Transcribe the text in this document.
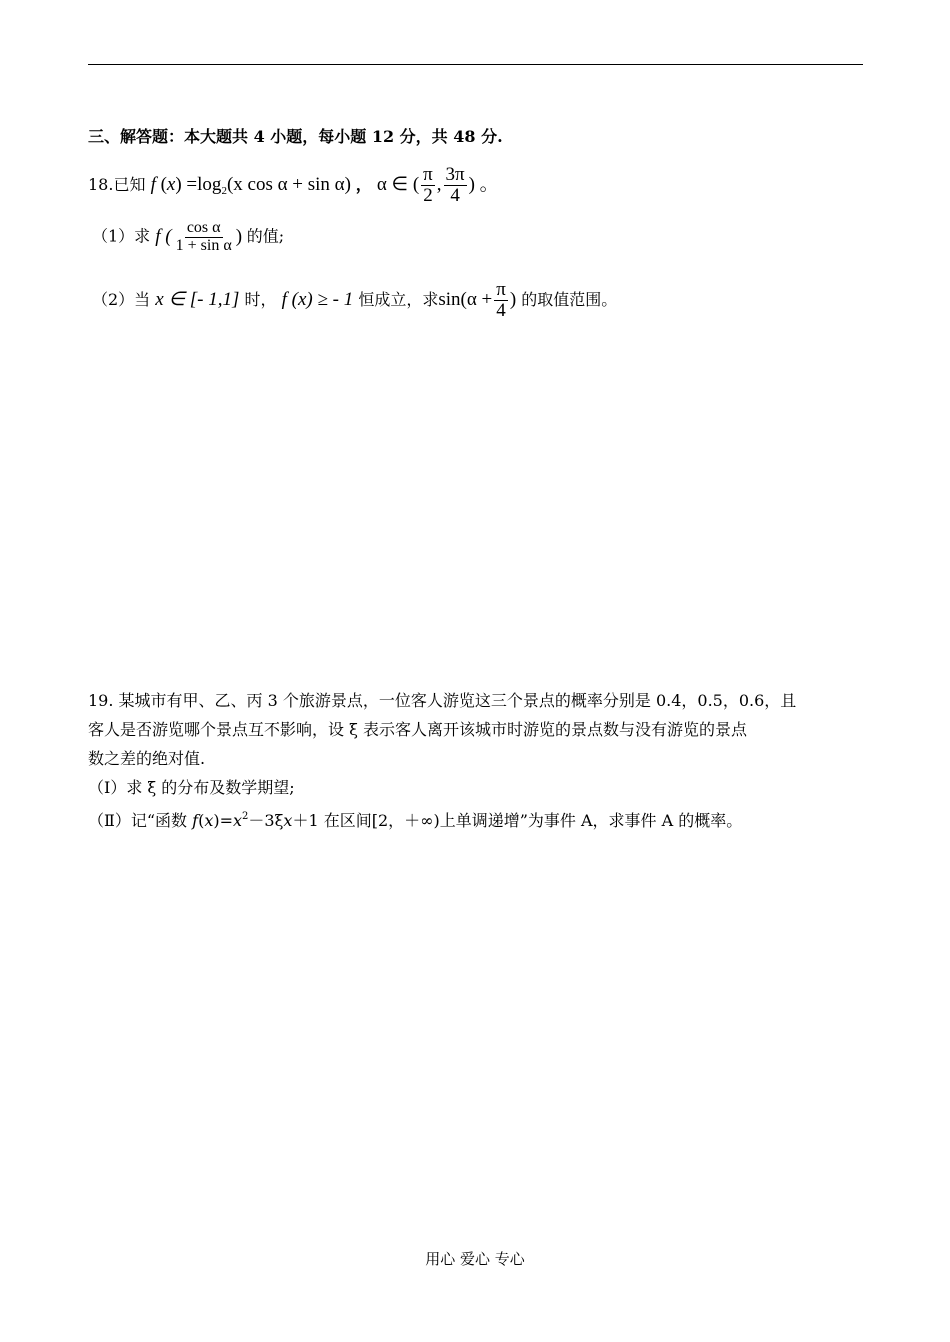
三、解答题：本大题共 4 小题，每小题 12 分，共 48 分.
18.已知 f $(x) =\log_2(x$ cos α + sin α) ， α ∈ ( $\frac{\pi}{2}$ , $\frac{3\pi}{4}$ ) 。
（1）求 f ( $\frac{\text{cos α}}{\text{1 + sin α}}$ ) 的值;
（2）当 x ∈ [- 1,1] 时， f (x) ≥ - 1 恒成立，求$\sin(\alpha + \frac{\pi}{4}$ ) 的取值范围。
19. 某城市有甲、乙、丙 3 个旅游景点，一位客人游览这三个景点的概率分别是 0.4，0.5，0.6，且
客人是否游览哪个景点互不影响，设 ξ 表示客人离开该城市时游览的景点数与没有游览的景点
数之差的绝对值.
（Ⅰ）求 ξ 的分布及数学期望;
（Ⅱ）记“函数 $f(x)=x^2-3\xi x+1$ 在区间[2，＋∞)上单调递增”为事件 A，求事件 A 的概率。
用心 爱心 专心
